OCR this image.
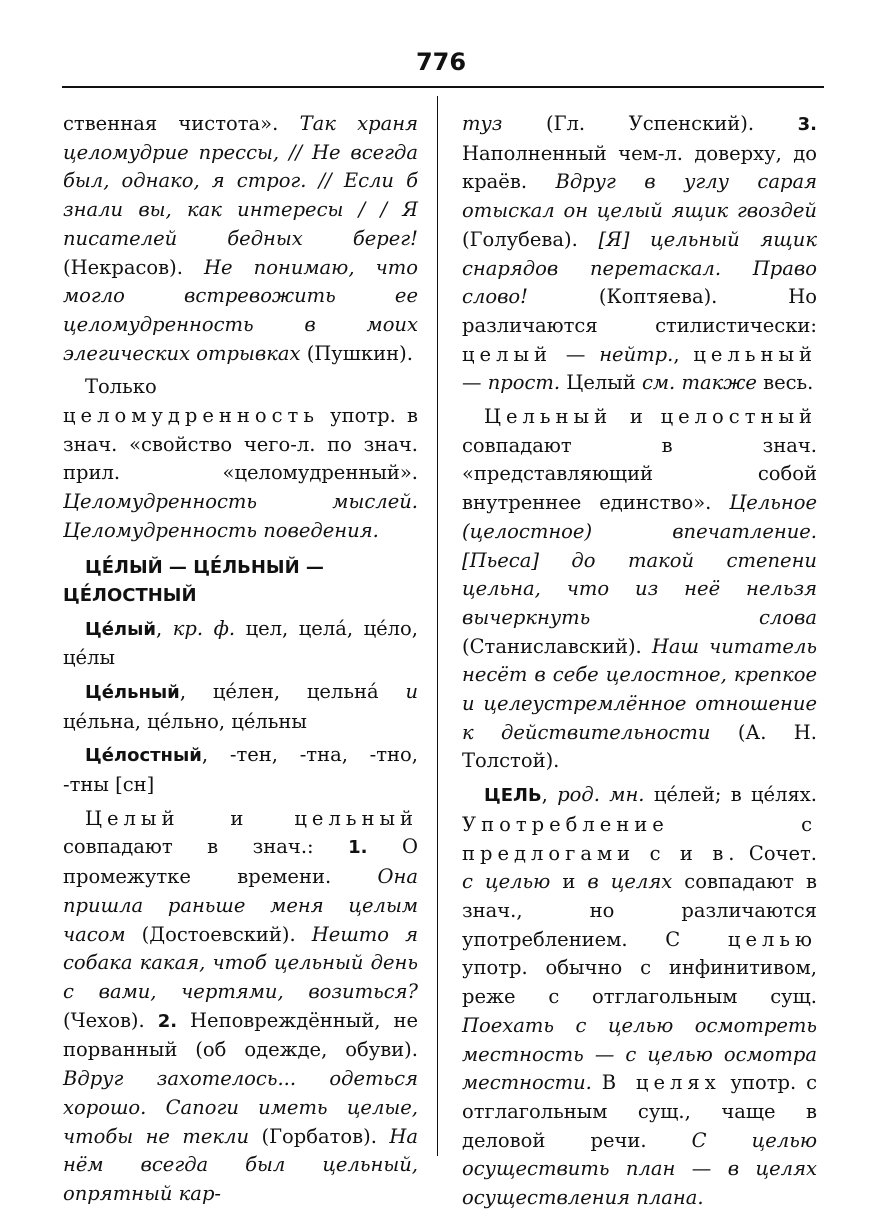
776

ственная чистота». Так храня целомудрие прессы, // Не всегда был, однако, я строг. // Если б знали вы, как интересы / / Я писателей бедных берег! (Некрасов). Не понимаю, что могло встревожить ее целомудренность в моих элегических отрывках (Пушкин).

Только целомудренность употр. в знач. «свойство чего-л. по знач. прил. «целомудренный». Целомудренность мыслей. Целомудренность поведения.

ЦЕ́ЛЫЙ — ЦЕ́ЛЬНЫЙ — ЦЕ́ЛОСТНЫЙ

Це́лый, кр. ф. цел, цела́, це́ло, це́лы

Це́льный, це́лен, цельна́ и це́льна, це́льно, це́льны

Це́лостный, -тен, -тна, -тно, -тны [сн]

Целый и цельный совпадают в знач.: 1. О промежутке времени. Она пришла раньше меня целым часом (Достоевский). Нешто я собака какая, чтоб цельный день с вами, чертями, возиться? (Чехов). 2. Неповреждённый, не порванный (об одежде, обуви). Вдруг захотелось... одеться хорошо. Сапоги иметь целые, чтобы не текли (Горбатов). На нём всегда был цельный, опрятный кар-

туз (Гл. Успенский). 3. Наполненный чем-л. доверху, до краёв. Вдруг в углу сарая отыскал он целый ящик гвоздей (Голубева). [Я] цельный ящик снарядов перетаскал. Право слово! (Коптяева). Но различаются стилистически: целый — нейтр., цельный — прост. Целый см. также весь.

Цельный и целостный совпадают в знач. «представляющий собой внутреннее единство». Цельное (целостное) впечатление. [Пьеса] до такой степени цельна, что из неё нельзя вычеркнуть слова (Станиславский). Наш читатель несёт в себе целостное, крепкое и целеустремлённое отношение к действительности (А. Н. Толстой).

ЦЕЛЬ, род. мн. це́лей; в це́лях. Употребление с предлогами с и в. Сочет. с целью и в целях совпадают в знач., но различаются употреблением. С целью употр. обычно с инфинитивом, реже с отглагольным сущ. Поехать с целью осмотреть местность — с целью осмотра местности. В целях употр. с отглагольным сущ., чаще в деловой речи. С целью осуществить план — в целях осуществления плана.
